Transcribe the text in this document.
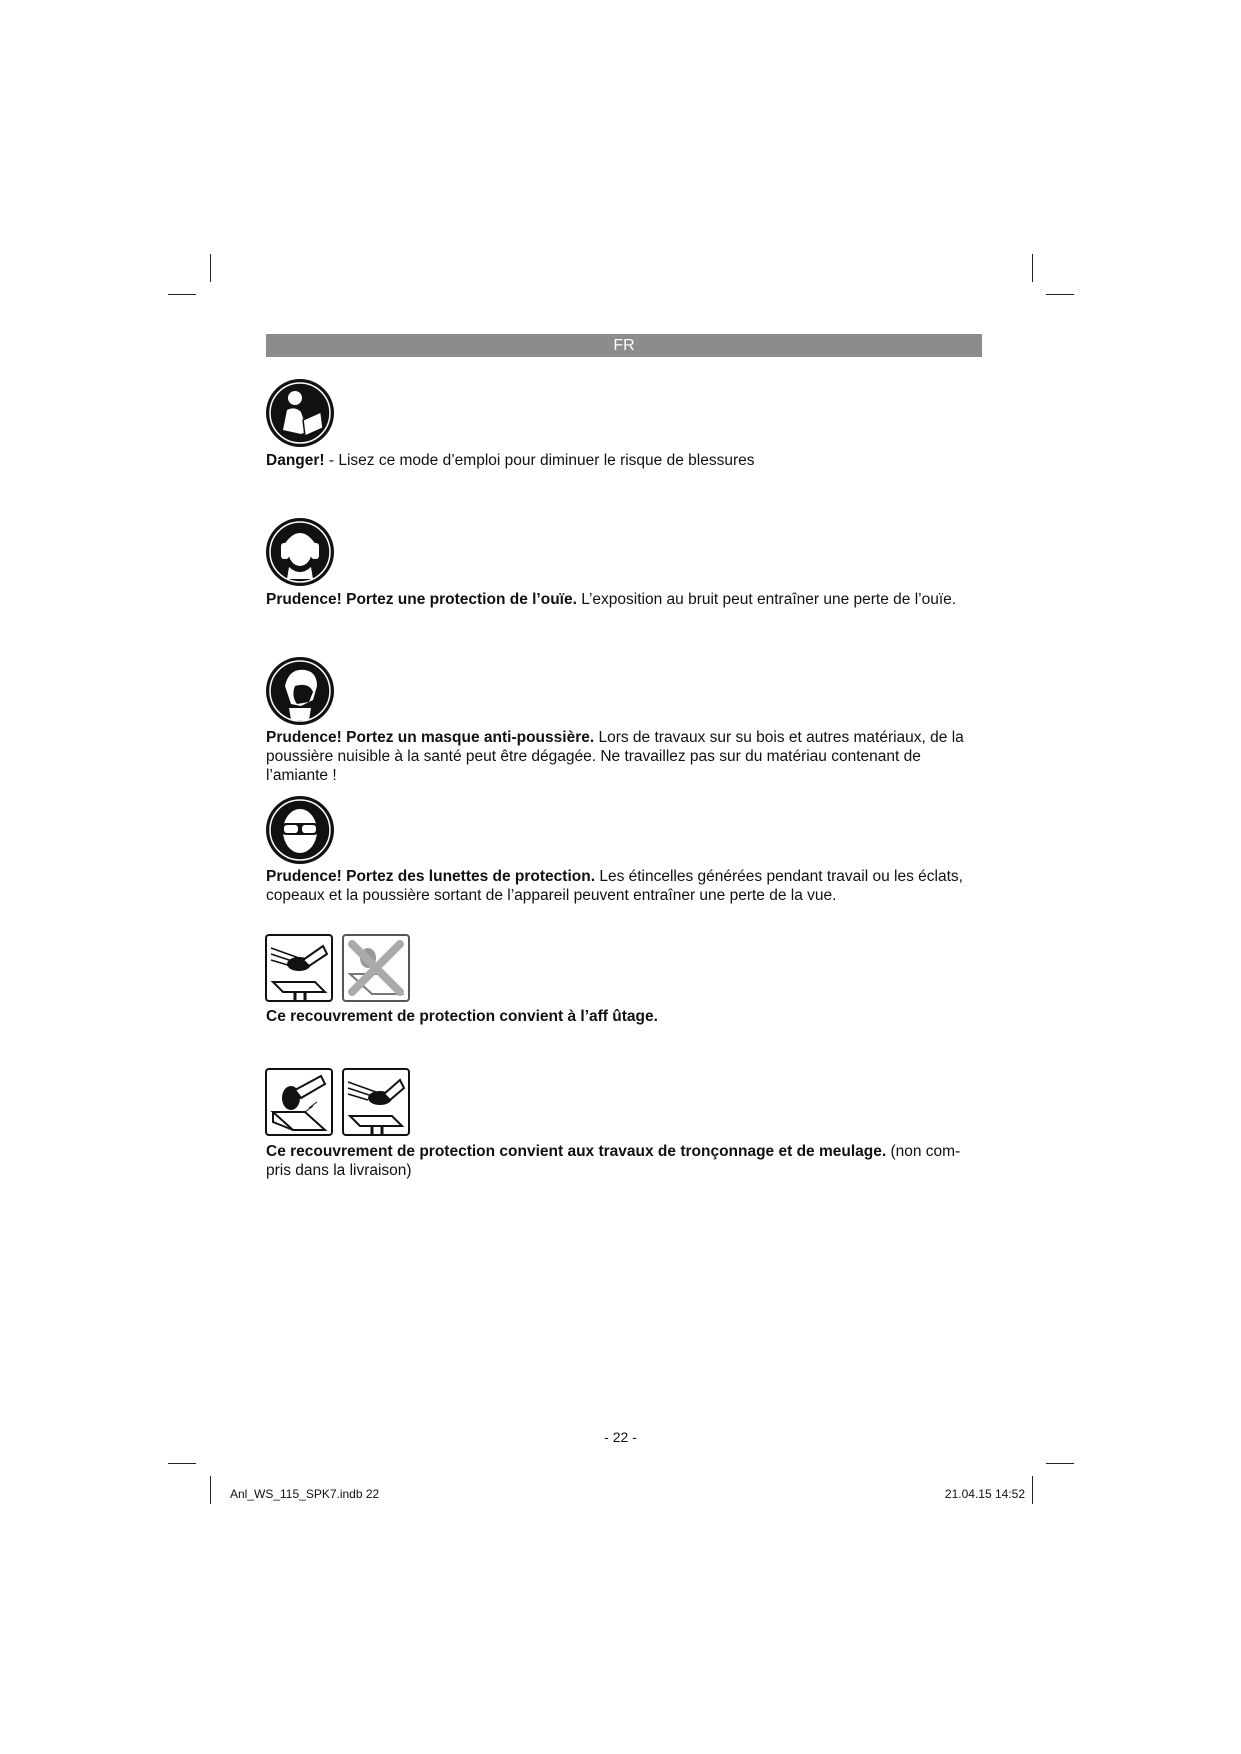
FR

Danger! - Lisez ce mode d’emploi pour diminuer le risque de blessures

Prudence! Portez une protection de l’ouïe. L’exposition au bruit peut entraîner une perte de l’ouïe.

Prudence! Portez un masque anti-poussière. Lors de travaux sur su bois et autres matériaux, de la poussière nuisible à la santé peut être dégagée. Ne travaillez pas sur du matériau contenant de l’amiante !

Prudence! Portez des lunettes de protection. Les étincelles générées pendant travail ou les éclats, copeaux et la poussière sortant de l’appareil peuvent entraîner une perte de la vue.

Ce recouvrement de protection convient à l’aff ûtage.

Ce recouvrement de protection convient aux travaux de tronçonnage et de meulage. (non com-pris dans la livraison)

- 22 -
Anl_WS_115_SPK7.indb 22	21.04.15 14:52
